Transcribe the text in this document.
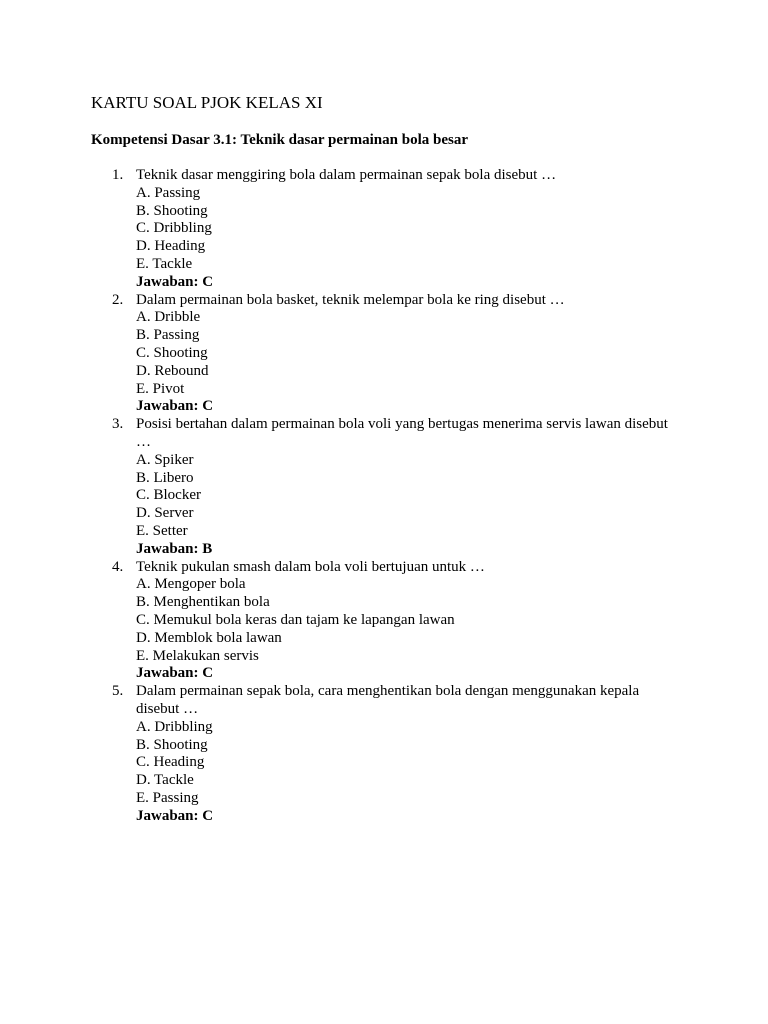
KARTU SOAL PJOK KELAS XI
Kompetensi Dasar 3.1: Teknik dasar permainan bola besar
1. Teknik dasar menggiring bola dalam permainan sepak bola disebut …
A. Passing
B. Shooting
C. Dribbling
D. Heading
E. Tackle
Jawaban: C
2. Dalam permainan bola basket, teknik melempar bola ke ring disebut …
A. Dribble
B. Passing
C. Shooting
D. Rebound
E. Pivot
Jawaban: C
3. Posisi bertahan dalam permainan bola voli yang bertugas menerima servis lawan disebut …
A. Spiker
B. Libero
C. Blocker
D. Server
E. Setter
Jawaban: B
4. Teknik pukulan smash dalam bola voli bertujuan untuk …
A. Mengoper bola
B. Menghentikan bola
C. Memukul bola keras dan tajam ke lapangan lawan
D. Memblok bola lawan
E. Melakukan servis
Jawaban: C
5. Dalam permainan sepak bola, cara menghentikan bola dengan menggunakan kepala disebut …
A. Dribbling
B. Shooting
C. Heading
D. Tackle
E. Passing
Jawaban: C
